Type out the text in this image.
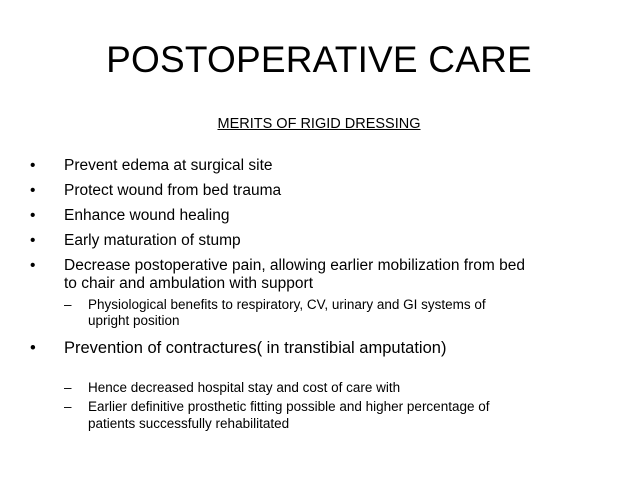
POSTOPERATIVE CARE
MERITS OF RIGID DRESSING
• Prevent edema at surgical site
• Protect wound from bed trauma
• Enhance wound healing
• Early maturation of stump
• Decrease postoperative pain, allowing earlier mobilization from bed
to chair and ambulation with support
– Physiological benefits to respiratory, CV, urinary and GI systems of
upright position
• Prevention of contractures( in transtibial amputation)
– Hence decreased hospital stay and cost of care with
– Earlier definitive prosthetic fitting possible and higher percentage of
patients successfully rehabilitated
